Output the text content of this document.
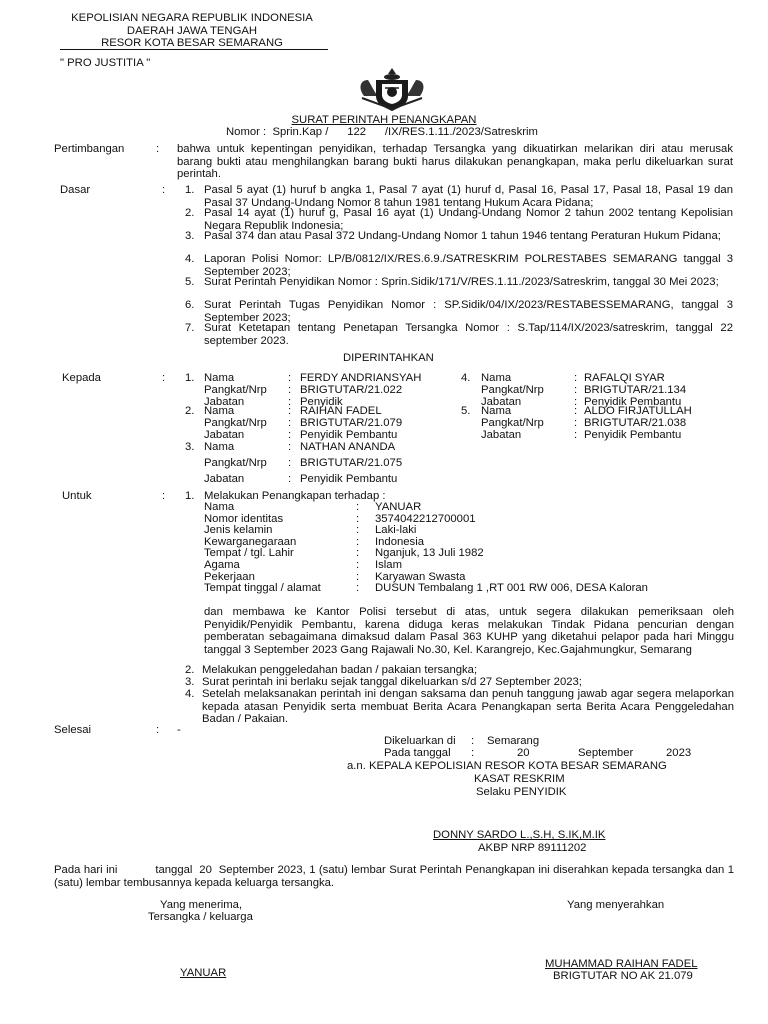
KEPOLISIAN NEGARA REPUBLIK INDONESIA
DAERAH JAWA TENGAH
RESOR KOTA BESAR SEMARANG
" PRO JUSTITIA "
SURAT PERINTAH PENANGKAPAN
Nomor : Sprin.Kap / 122 /IX/RES.1.11./2023/Satreskrim
Pertimbangan	: bahwa untuk kepentingan penyidikan, terhadap Tersangka yang dikuatirkan melarikan diri atau merusak barang bukti atau menghilangkan barang bukti harus dilakukan penangkapan, maka perlu dikeluarkan surat perintah.
Dasar	: 1. Pasal 5 ayat (1) huruf b angka 1, Pasal 7 ayat (1) huruf d, Pasal 16, Pasal 17, Pasal 18, Pasal 19 dan Pasal 37 Undang-Undang Nomor 8 tahun 1981 tentang Hukum Acara Pidana;
2. Pasal 14 ayat (1) huruf g, Pasal 16 ayat (1) Undang-Undang Nomor 2 tahun 2002 tentang Kepolisian Negara Republik Indonesia;
3. Pasal 374 dan atau Pasal 372 Undang-Undang Nomor 1 tahun 1946 tentang Peraturan Hukum Pidana;
4. Laporan Polisi Nomor: LP/B/0812/IX/RES.6.9./SATRESKRIM POLRESTABES SEMARANG tanggal 3 September 2023;
5. Surat Perintah Penyidikan Nomor : Sprin.Sidik/171/V/RES.1.11./2023/Satreskrim, tanggal 30 Mei 2023;
6. Surat Perintah Tugas Penyidikan Nomor : SP.Sidik/04/IX/2023/RESTABESSEMARANG, tanggal 3 September 2023;
7. Surat Ketetapan tentang Penetapan Tersangka Nomor : S.Tap/114/IX/2023/satreskrim, tanggal 22 september 2023.
DIPERINTAHKAN
Kepada	: 1. Nama	: FERDY ANDRIANSYAH
Pangkat/Nrp : BRIGTUTAR/21.022
Jabatan	: Penyidik
2. Nama	: RAIHAN FADEL
Pangkat/Nrp : BRIGTUTAR/21.079
Jabatan	: Penyidik Pembantu
3. Nama	: NATHAN ANANDA
Pangkat/Nrp : BRIGTUTAR/21.075
Jabatan	: Penyidik Pembantu
4. Nama	: RAFALQI SYAR
Pangkat/Nrp	: BRIGTUTAR/21.134
Jabatan	: Penyidik Pembantu
5. Nama	: ALDO FIRJATULLAH
Pangkat/Nrp	: BRIGTUTAR/21.038
Jabatan	: Penyidik Pembantu
Untuk	: 1. Melakukan Penangkapan terhadap :
Nama	: YANUAR
Nomor identitas	: 3574042212700001
Jenis kelamin	: Laki-laki
Kewarganegaraan	: Indonesia
Tempat / tgl. Lahir	: Nganjuk, 13 Juli 1982
Agama	: Islam
Pekerjaan	: Karyawan Swasta
Tempat tinggal / alamat	: DUSUN Tembalang 1 ,RT 001 RW 006, DESA Kaloran
dan membawa ke Kantor Polisi tersebut di atas, untuk segera dilakukan pemeriksaan oleh Penyidik/Penyidik Pembantu, karena diduga keras melakukan Tindak Pidana pencurian dengan pemberatan sebagaimana dimaksud dalam Pasal 363 KUHP yang diketahui pelapor pada hari Minggu tanggal 3 September 2023 Gang Rajawali No.30, Kel. Karangrejo, Kec.Gajahmungkur, Semarang
2. Melakukan penggeledahan badan / pakaian tersangka;
3. Surat perintah ini berlaku sejak tanggal dikeluarkan s/d 27 September 2023;
4. Setelah melaksanakan perintah ini dengan saksama dan penuh tanggung jawab agar segera melaporkan kepada atasan Penyidik serta membuat Berita Acara Penangkapan serta Berita Acara Penggeledahan Badan / Pakaian.
Selesai	: -
Dikeluarkan di : Semarang
Pada tanggal :	20	September	2023
a.n. KEPALA KEPOLISIAN RESOR KOTA BESAR SEMARANG
KASAT RESKRIM
Selaku PENYIDIK
DONNY SARDO L.,S.H, S.IK,M.IK
AKBP NRP 89111202
Pada hari ini           tanggal  20  September 2023, 1 (satu) lembar Surat Perintah Penangkapan ini diserahkan kepada tersangka dan 1 (satu) lembar tembusannya kepada keluarga tersangka.
Yang menerima,
Tersangka / keluarga
YANUAR
Yang menyerahkan
MUHAMMAD RAIHAN FADEL
BRIGTUTAR NO AK 21.079
